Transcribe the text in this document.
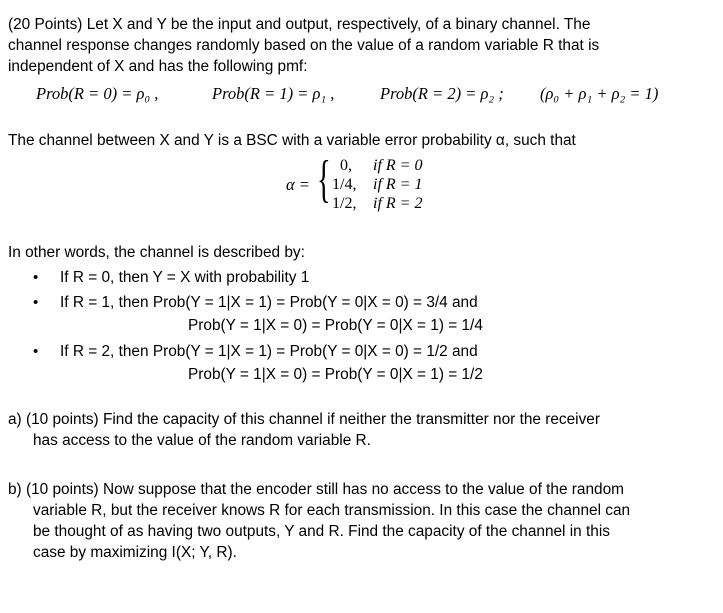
(20 Points) Let X and Y be the input and output, respectively, of a binary channel. The
channel response changes randomly based on the value of a random variable R that is
independent of X and has the following pmf:
Prob(R = 0) = ρ₀ ,	Prob(R = 1) = ρ₁ ,	Prob(R = 2) = ρ₂ ; (ρ₀ + ρ₁ + ρ₂ = 1)
The channel between X and Y is a BSC with a variable error probability α, such that
α = { 0, if R = 0
1/4, if R = 1
1/2, if R = 2
In other words, the channel is described by:
• If R = 0, then Y = X with probability 1
• If R = 1, then Prob(Y = 1|X = 1) = Prob(Y = 0|X = 0) = 3/4 and
Prob(Y = 1|X = 0) = Prob(Y = 0|X = 1) = 1/4
• If R = 2, then Prob(Y = 1|X = 1) = Prob(Y = 0|X = 0) = 1/2 and
Prob(Y = 1|X = 0) = Prob(Y = 0|X = 1) = 1/2
a) (10 points) Find the capacity of this channel if neither the transmitter nor the receiver
has access to the value of the random variable R.
b) (10 points) Now suppose that the encoder still has no access to the value of the random
variable R, but the receiver knows R for each transmission. In this case the channel can
be thought of as having two outputs, Y and R. Find the capacity of the channel in this
case by maximizing I(X; Y, R).
